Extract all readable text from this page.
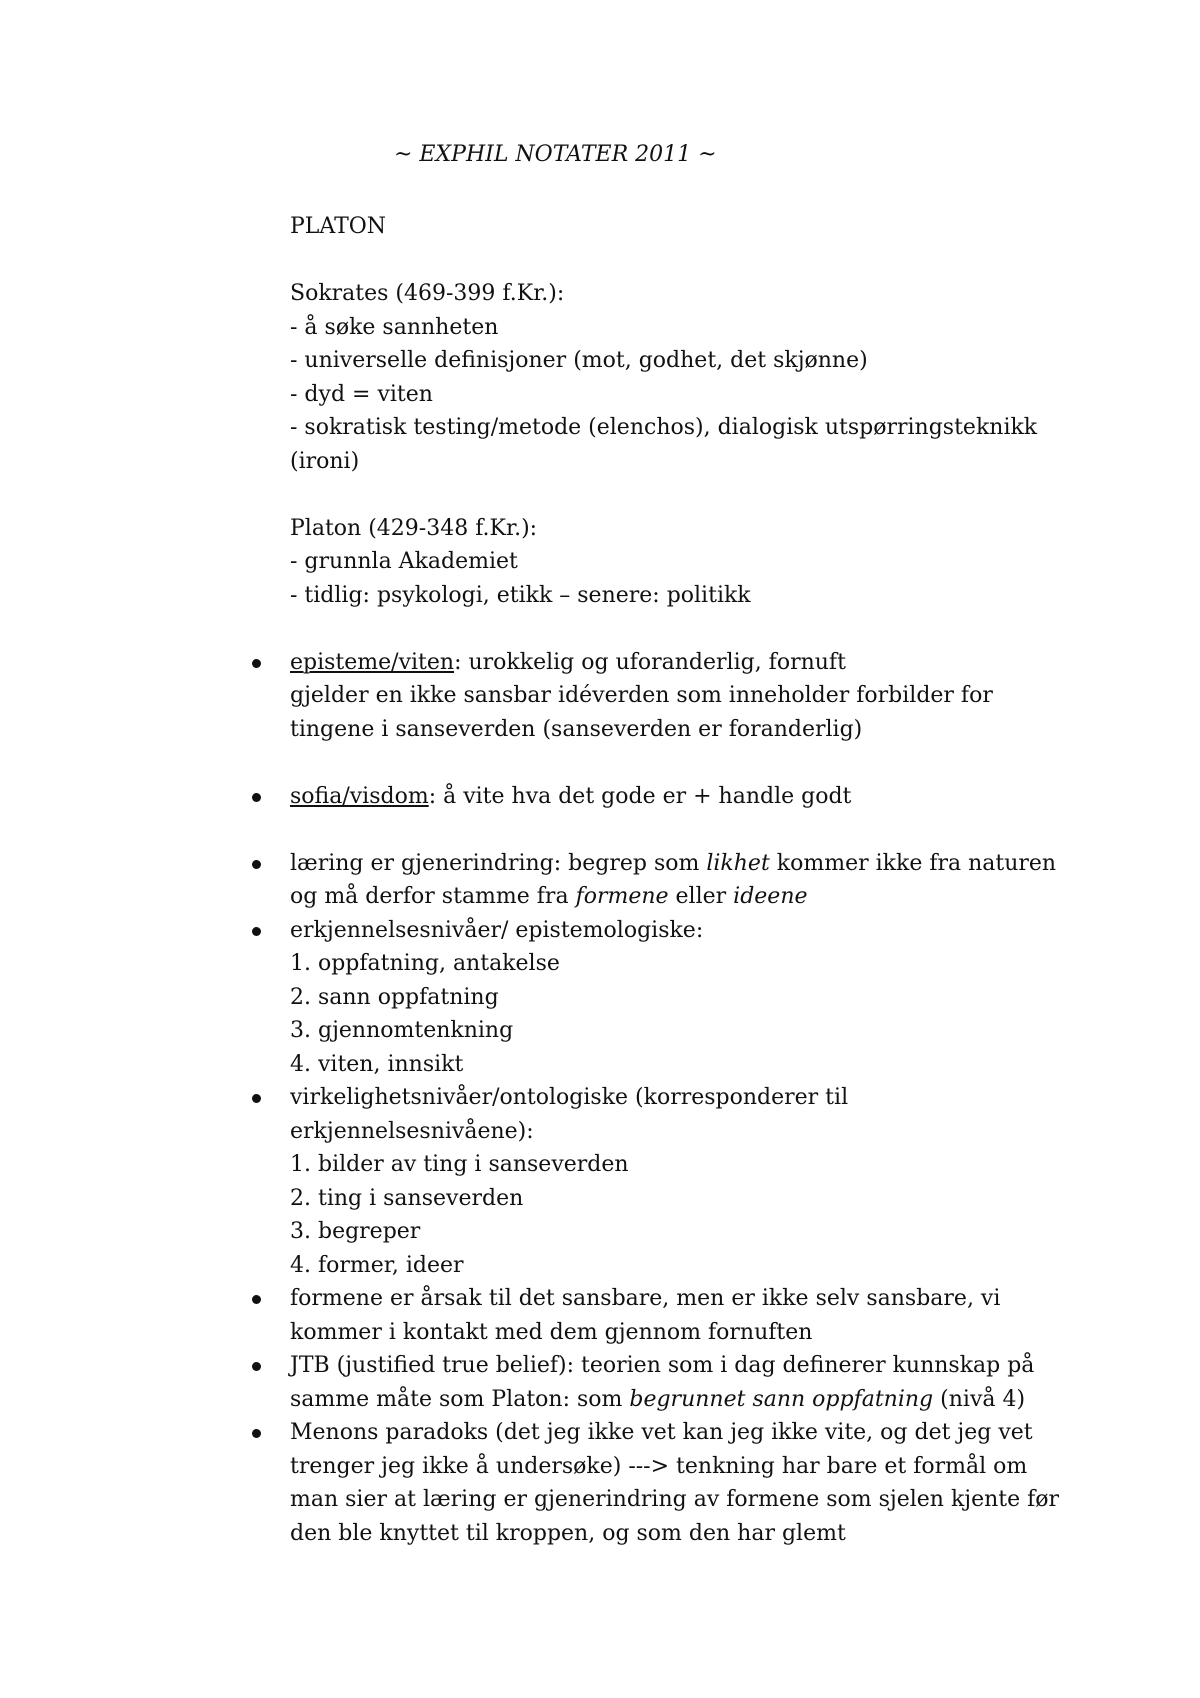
~ EXPHIL NOTATER 2011 ~
PLATON
Sokrates (469-399 f.Kr.):
- å søke sannheten
- universelle definisjoner (mot, godhet, det skjønne)
- dyd = viten
- sokratisk testing/metode (elenchos), dialogisk utspørringsteknikk
(ironi)
Platon (429-348 f.Kr.):
- grunnla Akademiet
- tidlig: psykologi, etikk – senere: politikk
episteme/viten: urokkelig og uforanderlig, fornuft
gjelder en ikke sansbar idéverden som inneholder forbilder for
tingene i sanseverden (sanseverden er foranderlig)
sofia/visdom: å vite hva det gode er + handle godt
læring er gjenerindring: begrep som likhet kommer ikke fra naturen
og må derfor stamme fra formene eller ideene
erkjennelsesnivåer/ epistemologiske:
1. oppfatning, antakelse
2. sann oppfatning
3. gjennomtenkning
4. viten, innsikt
virkelighetsnivåer/ontologiske (korresponderer til
erkjennelsesnivåene):
1. bilder av ting i sanseverden
2. ting i sanseverden
3. begreper
4. former, ideer
formene er årsak til det sansbare, men er ikke selv sansbare, vi
kommer i kontakt med dem gjennom fornuften
JTB (justified true belief): teorien som i dag definerer kunnskap på
samme måte som Platon: som begrunnet sann oppfatning (nivå 4)
Menons paradoks (det jeg ikke vet kan jeg ikke vite, og det jeg vet
trenger jeg ikke å undersøke) ---> tenkning har bare et formål om
man sier at læring er gjenerindring av formene som sjelen kjente før
den ble knyttet til kroppen, og som den har glemt
